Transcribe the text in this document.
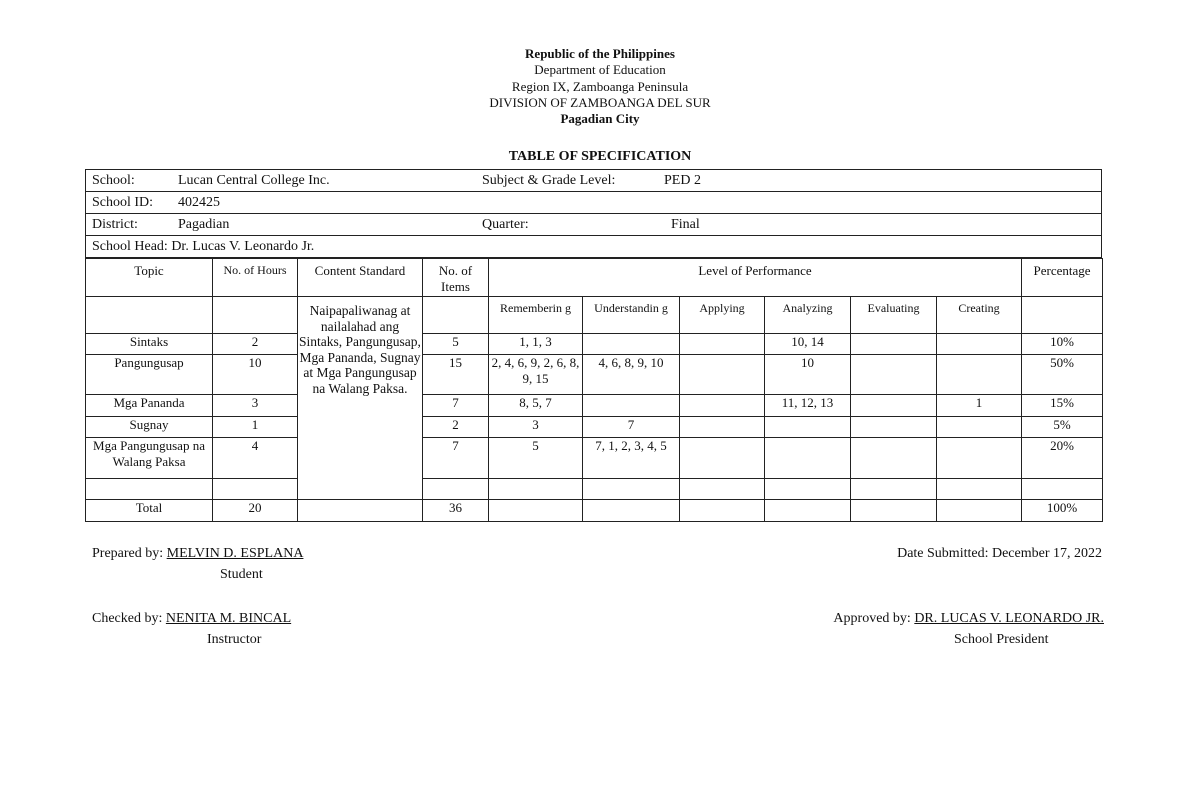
Republic of the Philippines
Department of Education
Region IX, Zamboanga Peninsula
DIVISION OF ZAMBOANGA DEL SUR
Pagadian City
TABLE OF SPECIFICATION
School:	Lucan Central College Inc.	Subject & Grade Level:	PED 2
School ID: 402425
District:	Pagadian	Quarter:	Final
School Head: Dr. Lucas V. Leonardo Jr.
Topic	No. of Hours	Content Standard	No. of Items	Level of Performance						Percentage

		Naipapaliwanag at nailalahad ang Sintaks, Pangungusap, Mga Pananda, Sugnay at Mga Pangungusap na Walang Paksa.		Rememberin g	Understandin g	Applying	Analyzing	Evaluating	Creating	

Sintaks	2		5	1, 1, 3			10, 14			10%
Pangungusap	10		15	2, 4, 6, 9, 2, 6, 8, 9, 15	4, 6, 8, 9, 10		10			50%
Mga Pananda	3		7	8, 5, 7			11, 12, 13		1	15%
Sugnay	1		2	3	7					5%
Mga Pangungusap na Walang Paksa	4		7	5	7, 1, 2, 3, 4, 5					20%

Total	20		36							100%
Prepared by: MELVIN D. ESPLANA
Student
Date Submitted: December 17, 2022
Checked by: NENITA M. BINCAL
Instructor
Approved by: DR. LUCAS V. LEONARDO JR.
School President
